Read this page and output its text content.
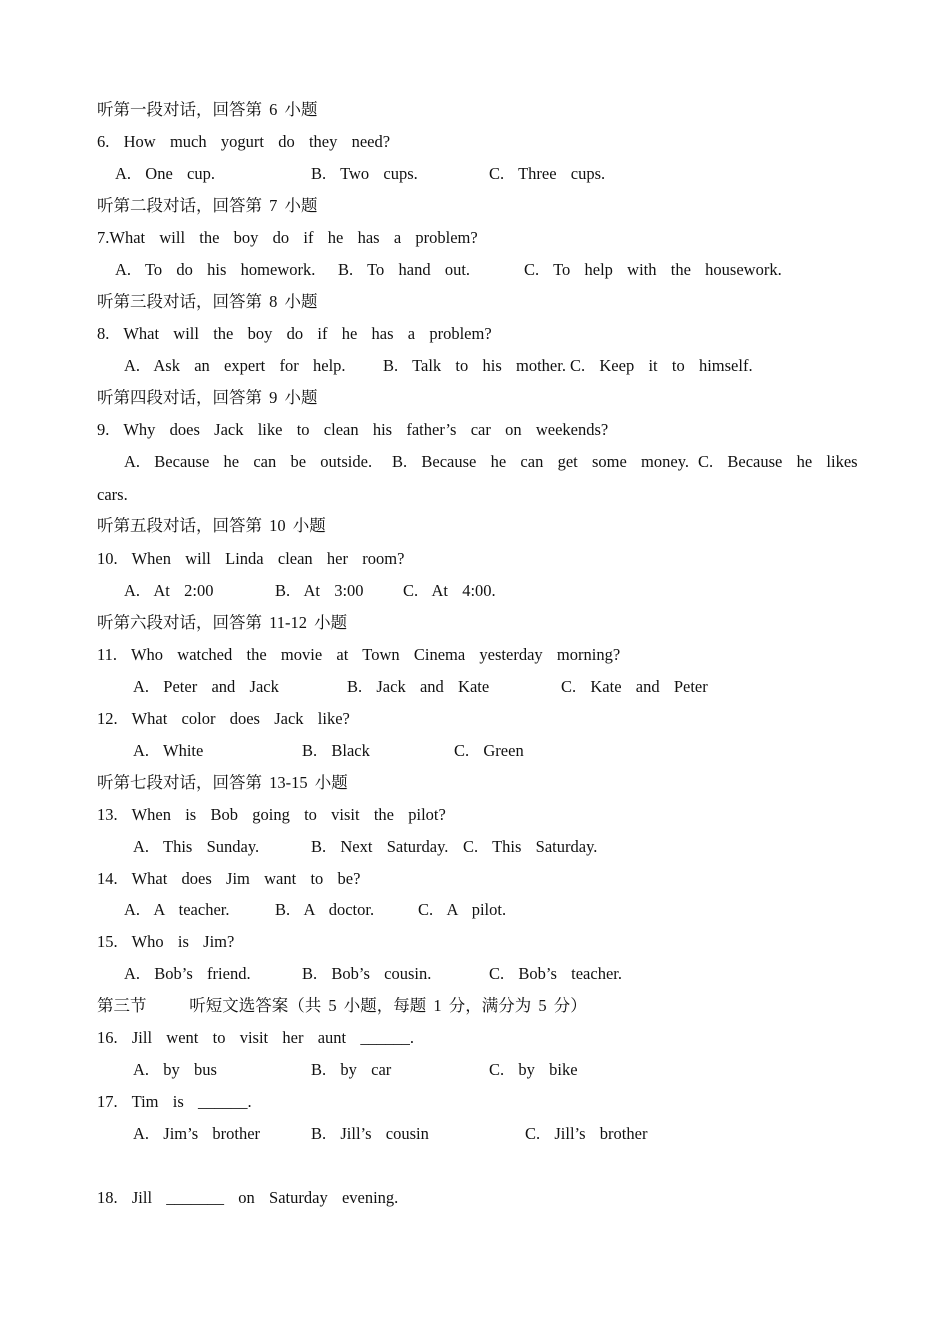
听第一段对话，回答第 6 小题
6.  How  much  yogurt  do  they  need?
A.  One  cup.	B.  Two  cups.	C.  Three  cups.
听第二段对话，回答第 7 小题
7.What  will  the  boy  do  if  he  has  a  problem?
A.  To  do  his  homework. B.  To  hand  out.	C.  To  help  with  the  housework.
听第三段对话，回答第 8 小题
8.  What  will  the  boy  do  if  he  has  a  problem?
A.  Ask  an  expert  for  help. B.  Talk  to  his  mother. C.  Keep  it  to  himself.
听第四段对话，回答第 9 小题
9.  Why  does  Jack  like  to  clean  his  father’s  car  on  weekends?
A.  Because  he  can  be  outside. B.  Because  he  can  get  some  money. C.  Because  he  likes
cars.
听第五段对话，回答第 10 小题
10.  When  will  Linda  clean  her  room?
A.  At  2:00	B.  At  3:00 C.  At  4:00.
听第六段对话，回答第 11-12 小题
11.  Who  watched  the  movie  at  Town  Cinema  yesterday  morning?
A.  Peter  and  Jack	B.  Jack  and  Kate	C.  Kate  and  Peter
12.  What  color  does  Jack  like?
A.  White	B.  Black	C.  Green
听第七段对话，回答第 13-15 小题
13.  When  is  Bob  going  to  visit  the  pilot?
A.  This  Sunday.	B.  Next  Saturday. C.  This  Saturday.
14.  What  does  Jim  want  to  be?
A.  A  teacher.	B.  A  doctor.	C.  A  pilot.
15.  Who  is  Jim?
A.  Bob’s  friend.	B.  Bob’s  cousin.	C.  Bob’s  teacher.
第三节      听短文选答案（共 5 小题，每题 1 分，满分为 5 分）
16.  Jill  went  to  visit  her  aunt  ______.
A.  by  bus	B.  by  car	C.  by  bike
17.  Tim  is  ______.
A.  Jim’s  brother	B.  Jill’s  cousin	C.  Jill’s  brother
18.  Jill  _______  on  Saturday  evening.
